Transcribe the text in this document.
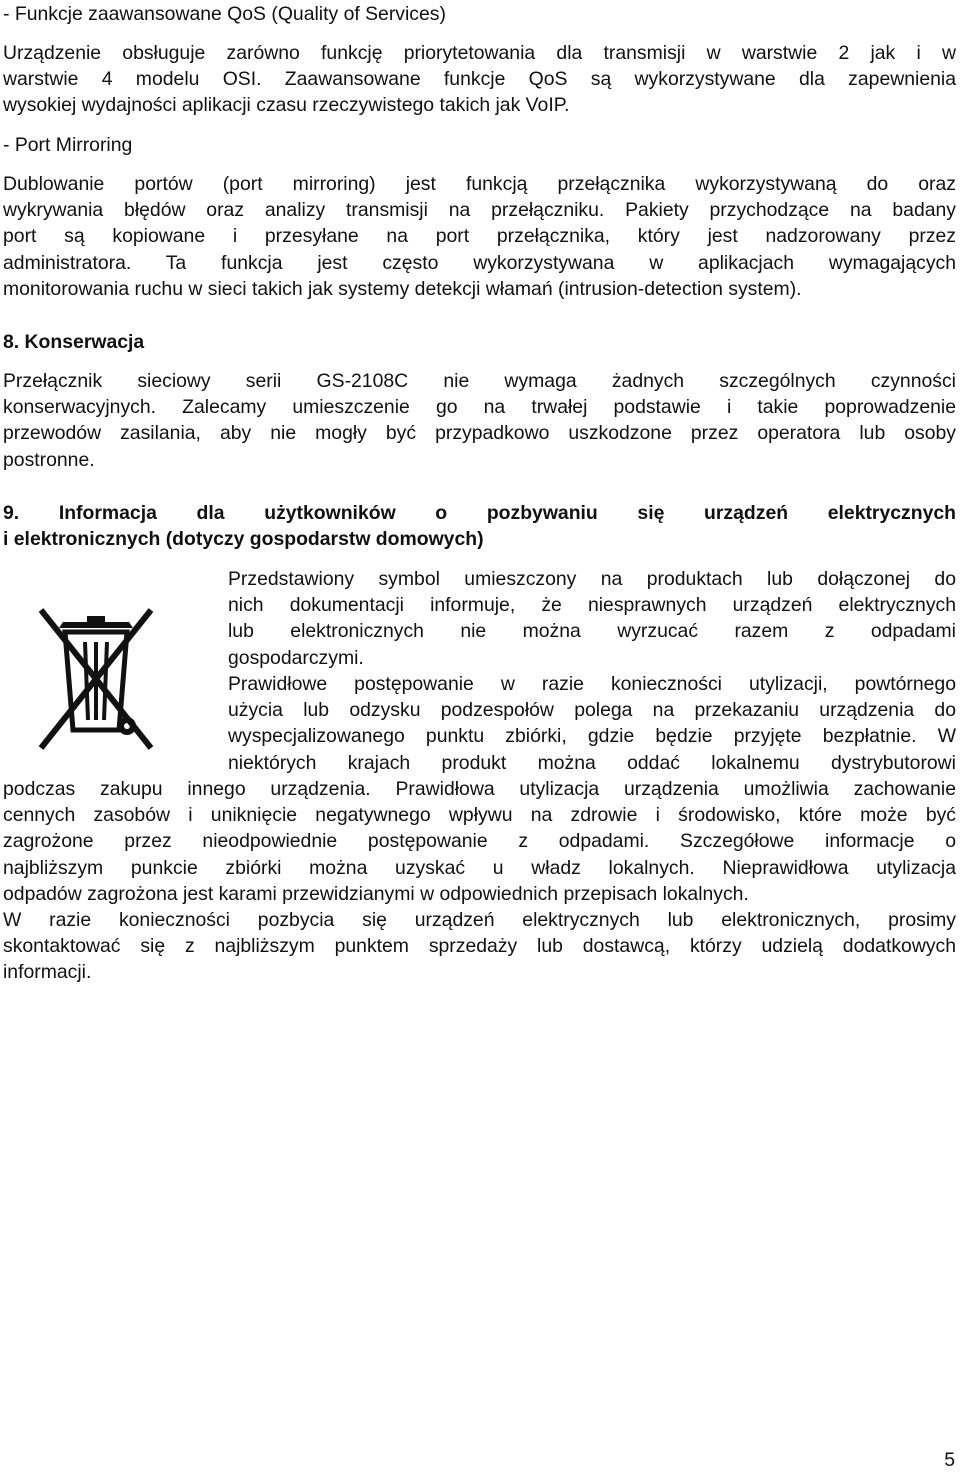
- Funkcje zaawansowane QoS (Quality of Services)
Urządzenie obsługuje zarówno funkcję priorytetowania dla transmisji w warstwie 2 jak i w
warstwie 4 modelu OSI. Zaawansowane funkcje QoS są wykorzystywane dla zapewnienia
wysokiej wydajności aplikacji czasu rzeczywistego takich jak VoIP.
- Port Mirroring
Dublowanie portów (port mirroring) jest funkcją przełącznika wykorzystywaną do oraz
wykrywania błędów oraz analizy transmisji na przełączniku. Pakiety przychodzące na badany
port są kopiowane i przesyłane na port przełącznika, który jest nadzorowany przez
administratora. Ta funkcja jest często wykorzystywana w aplikacjach wymagających
monitorowania ruchu w sieci takich jak systemy detekcji włamań (intrusion-detection system).
8. Konserwacja
Przełącznik sieciowy serii GS-2108C nie wymaga żadnych szczególnych czynności
konserwacyjnych. Zalecamy umieszczenie go na trwałej podstawie i takie poprowadzenie
przewodów zasilania, aby nie mogły być przypadkowo uszkodzone przez operatora lub osoby
postronne.
9. Informacja dla użytkowników o pozbywaniu się urządzeń elektrycznych
i elektronicznych (dotyczy gospodarstw domowych)
Przedstawiony symbol umieszczony na produktach lub dołączonej do
nich dokumentacji informuje, że niesprawnych urządzeń elektrycznych
lub elektronicznych nie można wyrzucać razem z odpadami
gospodarczymi.
Prawidłowe postępowanie w razie konieczności utylizacji, powtórnego
użycia lub odzysku podzespołów polega na przekazaniu urządzenia do
wyspecjalizowanego punktu zbiórki, gdzie będzie przyjęte bezpłatnie. W
niektórych krajach produkt można oddać lokalnemu dystrybutorowi
podczas zakupu innego urządzenia. Prawidłowa utylizacja urządzenia umożliwia zachowanie
cennych zasobów i uniknięcie negatywnego wpływu na zdrowie i środowisko, które może być
zagrożone przez nieodpowiednie postępowanie z odpadami. Szczegółowe informacje o
najbliższym punkcie zbiórki można uzyskać u władz lokalnych. Nieprawidłowa utylizacja
odpadów zagrożona jest karami przewidzianymi w odpowiednich przepisach lokalnych.
W razie konieczności pozbycia się urządzeń elektrycznych lub elektronicznych, prosimy
skontaktować się z najbliższym punktem sprzedaży lub dostawcą, którzy udzielą dodatkowych
informacji.
5
